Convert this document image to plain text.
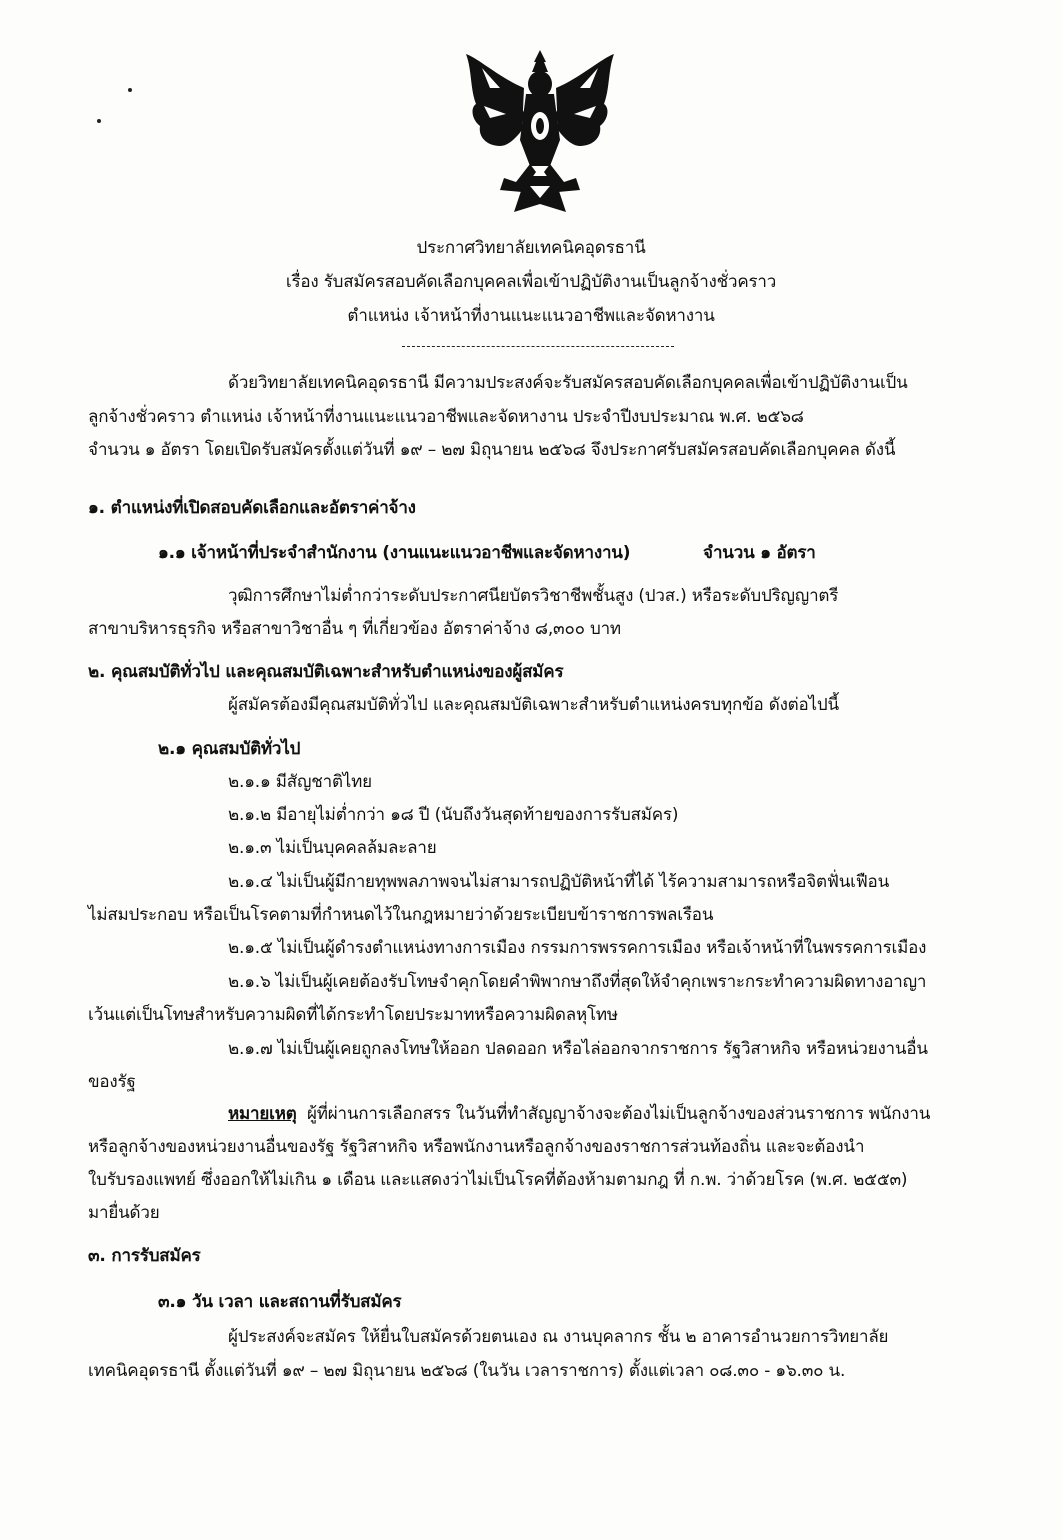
ประกาศวิทยาลัยเทคนิคอุดรธานี
เรื่อง รับสมัครสอบคัดเลือกบุคคลเพื่อเข้าปฏิบัติงานเป็นลูกจ้างชั่วคราว
ตำแหน่ง เจ้าหน้าที่งานแนะแนวอาชีพและจัดหางาน
ด้วยวิทยาลัยเทคนิคอุดรธานี มีความประสงค์จะรับสมัครสอบคัดเลือกบุคคลเพื่อเข้าปฏิบัติงานเป็น
ลูกจ้างชั่วคราว ตำแหน่ง เจ้าหน้าที่งานแนะแนวอาชีพและจัดหางาน ประจำปีงบประมาณ พ.ศ. ๒๕๖๘
จำนวน ๑ อัตรา โดยเปิดรับสมัครตั้งแต่วันที่ ๑๙ – ๒๗ มิถุนายน ๒๕๖๘ จึงประกาศรับสมัครสอบคัดเลือกบุคคล ดังนี้
๑. ตำแหน่งที่เปิดสอบคัดเลือกและอัตราค่าจ้าง
๑.๑ เจ้าหน้าที่ประจำสำนักงาน (งานแนะแนวอาชีพและจัดหางาน)	จำนวน ๑ อัตรา
วุฒิการศึกษาไม่ต่ำกว่าระดับประกาศนียบัตรวิชาชีพชั้นสูง (ปวส.) หรือระดับปริญญาตรี
สาขาบริหารธุรกิจ หรือสาขาวิชาอื่น ๆ ที่เกี่ยวข้อง อัตราค่าจ้าง ๘,๓๐๐ บาท
๒. คุณสมบัติทั่วไป และคุณสมบัติเฉพาะสำหรับตำแหน่งของผู้สมัคร
ผู้สมัครต้องมีคุณสมบัติทั่วไป และคุณสมบัติเฉพาะสำหรับตำแหน่งครบทุกข้อ ดังต่อไปนี้
๒.๑ คุณสมบัติทั่วไป
๒.๑.๑ มีสัญชาติไทย
๒.๑.๒ มีอายุไม่ต่ำกว่า ๑๘ ปี (นับถึงวันสุดท้ายของการรับสมัคร)
๒.๑.๓ ไม่เป็นบุคคลล้มละลาย
๒.๑.๔ ไม่เป็นผู้มีกายทุพพลภาพจนไม่สามารถปฏิบัติหน้าที่ได้ ไร้ความสามารถหรือจิตฟั่นเฟือน
ไม่สมประกอบ หรือเป็นโรคตามที่กำหนดไว้ในกฎหมายว่าด้วยระเบียบข้าราชการพลเรือน
๒.๑.๕ ไม่เป็นผู้ดำรงตำแหน่งทางการเมือง กรรมการพรรคการเมือง หรือเจ้าหน้าที่ในพรรคการเมือง
๒.๑.๖ ไม่เป็นผู้เคยต้องรับโทษจำคุกโดยคำพิพากษาถึงที่สุดให้จำคุกเพราะกระทำความผิดทางอาญา
เว้นแต่เป็นโทษสำหรับความผิดที่ได้กระทำโดยประมาทหรือความผิดลหุโทษ
๒.๑.๗ ไม่เป็นผู้เคยถูกลงโทษให้ออก ปลดออก หรือไล่ออกจากราชการ รัฐวิสาหกิจ หรือหน่วยงานอื่น
ของรัฐ
หมายเหตุ ผู้ที่ผ่านการเลือกสรร ในวันที่ทำสัญญาจ้างจะต้องไม่เป็นลูกจ้างของส่วนราชการ พนักงาน
หรือลูกจ้างของหน่วยงานอื่นของรัฐ รัฐวิสาหกิจ หรือพนักงานหรือลูกจ้างของราชการส่วนท้องถิ่น และจะต้องนำ
ใบรับรองแพทย์ ซึ่งออกให้ไม่เกิน ๑ เดือน และแสดงว่าไม่เป็นโรคที่ต้องห้ามตามกฎ ที่ ก.พ. ว่าด้วยโรค (พ.ศ. ๒๕๕๓)
มายื่นด้วย
๓. การรับสมัคร
๓.๑ วัน เวลา และสถานที่รับสมัคร
ผู้ประสงค์จะสมัคร ให้ยื่นใบสมัครด้วยตนเอง ณ งานบุคลากร ชั้น ๒ อาคารอำนวยการวิทยาลัย
เทคนิคอุดรธานี ตั้งแต่วันที่ ๑๙ – ๒๗ มิถุนายน ๒๕๖๘ (ในวัน เวลาราชการ) ตั้งแต่เวลา ๐๘.๓๐ - ๑๖.๓๐ น.
